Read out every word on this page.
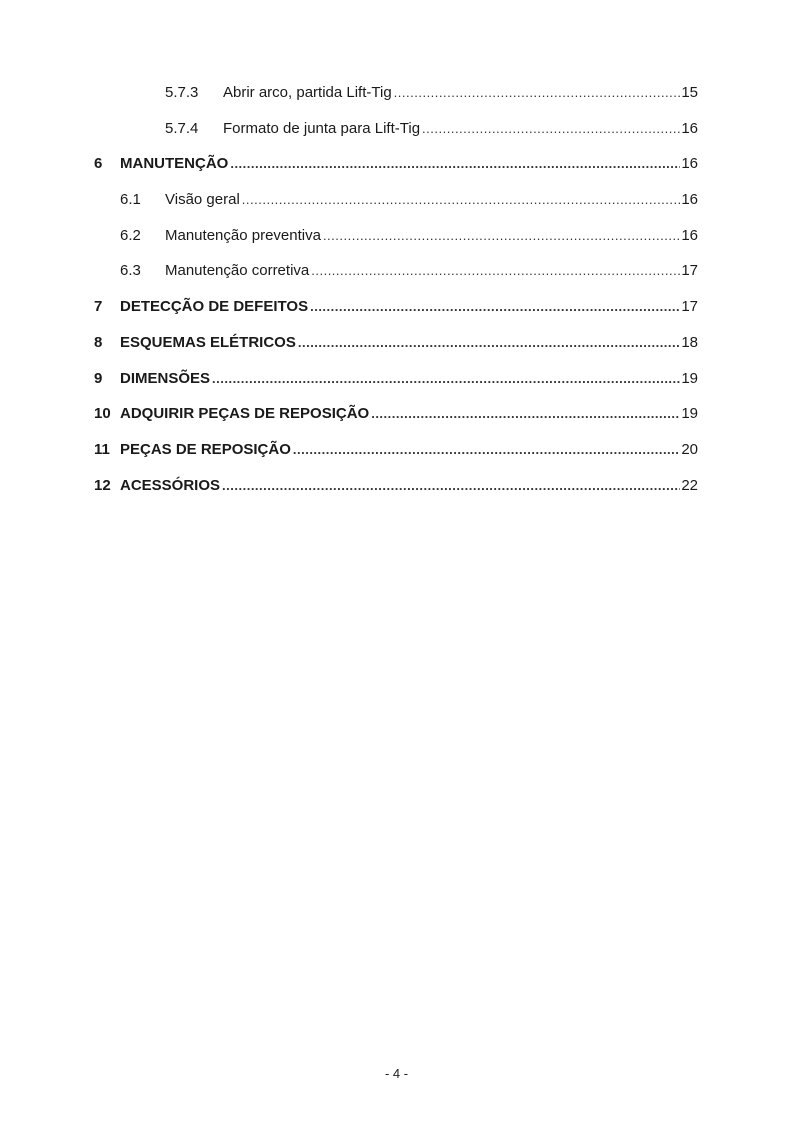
5.7.3	Abrir arco, partida Lift-Tig .....	15
5.7.4	Formato de junta para Lift-Tig .....	16
6	MANUTENÇÃO .....	16
6.1	Visão geral .....	16
6.2	Manutenção preventiva .....	16
6.3	Manutenção corretiva .....	17
7	DETECÇÃO DE DEFEITOS .....	17
8	ESQUEMAS ELÉTRICOS .....	18
9	DIMENSÕES .....	19
10 ADQUIRIR PEÇAS DE REPOSIÇÃO .....	19
11 PEÇAS DE REPOSIÇÃO .....	20
12 ACESSÓRIOS .....	22
- 4 -
